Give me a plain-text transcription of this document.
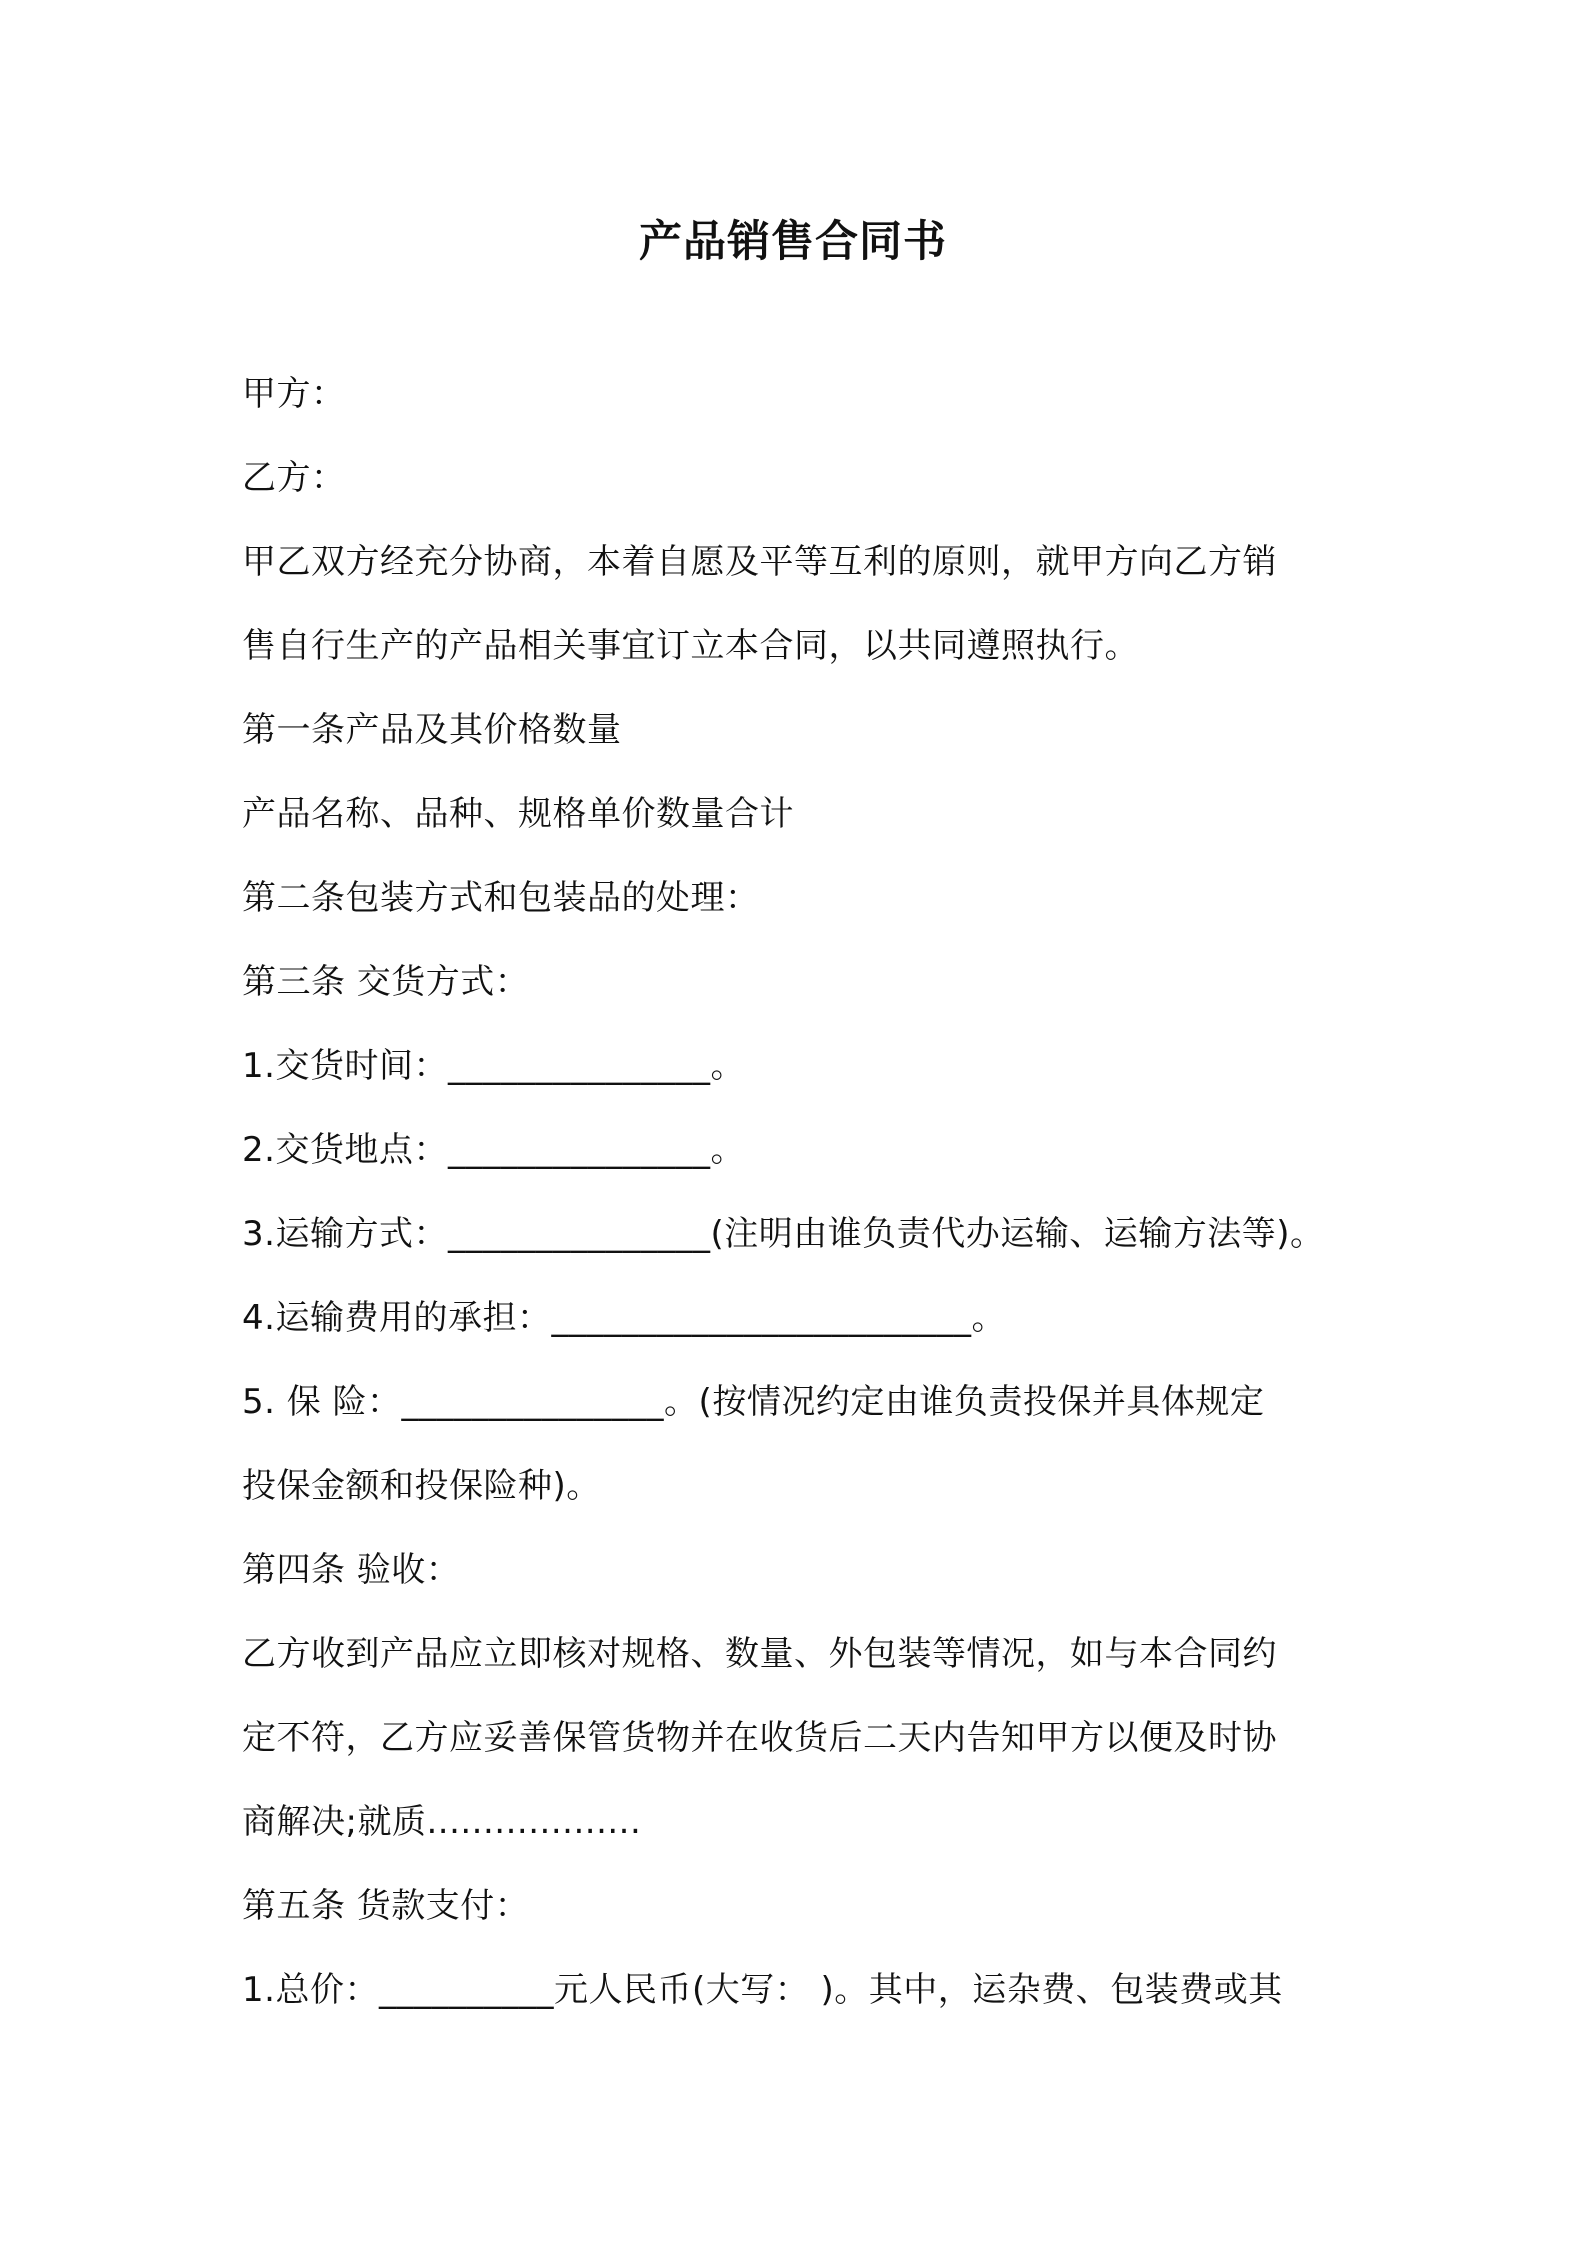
产品销售合同书
甲方：
乙方：
甲乙双方经充分协商，本着自愿及平等互利的原则，就甲方向乙方销
售自行生产的产品相关事宜订立本合同，以共同遵照执行。
第一条产品及其价格数量
产品名称、品种、规格单价数量合计
第二条包装方式和包装品的处理：
第三条 交货方式：
1.交货时间：_______________。
2.交货地点：_______________。
3.运输方式：_______________(注明由谁负责代办运输、运输方法等)。
4.运输费用的承担：________________________。
5. 保 险：_______________。(按情况约定由谁负责投保并具体规定
投保金额和投保险种)。
第四条 验收：
乙方收到产品应立即核对规格、数量、外包装等情况，如与本合同约
定不符，乙方应妥善保管货物并在收货后二天内告知甲方以便及时协
商解决;就质...................
第五条 货款支付：
1.总价：__________元人民币(大写： )。其中，运杂费、包装费或其
